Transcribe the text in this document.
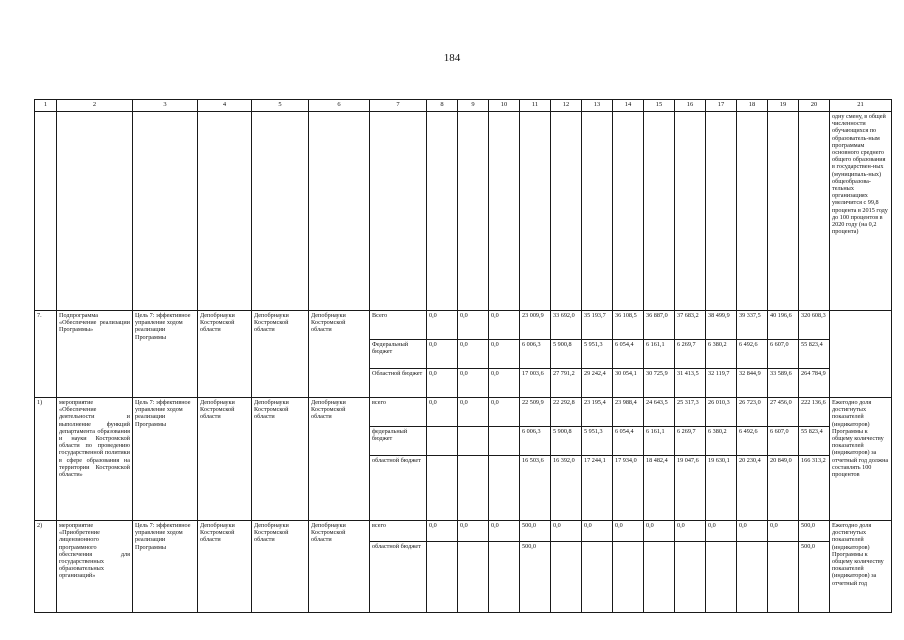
184
1	2	3	4	5	6	7	8	9	10	11	12	13	14	15	16	17	18	19	20	21
																				одну смену, в общей численности обучающихся по образователь-ным программам основного среднего общего образования в государствен-ных (муниципаль-ных) общеобразова-тельных организациях увеличится с 99,8 процента в 2015 году до 100 процентов в 2020 году (на 0,2 процента)
7.	Подпрограмма «Обеспечение реализации Программы»	Цель 7: эффективное управление ходом реализации Программы	Депобрнауки Костромской области	Депобрнауки Костромской области	Депобрнауки Костромской области	Всего	0,0	0,0	0,0	23 009,9	33 692,0	35 193,7	36 108,5	36 887,0	37 683,2	38 499,9	39 337,5	40 196,6	320 608,3	
						Федеральный бюджет	0,0	0,0	0,0	6 006,3	5 900,8	5 951,3	6 054,4	6 161,1	6 269,7	6 380,2	6 492,6	6 607,0	55 823,4	
						Областной бюджет	0,0	0,0	0,0	17 003,6	27 791,2	29 242,4	30 054,1	30 725,9	31 413,5	32 119,7	32 844,9	33 589,6	264 784,9	
1)	мероприятие «Обеспечение деятельности и выполнение функций департамента образования и науки Костромской области по проведению государственной политики в сфере образования на территории Костромской области»	Цель 7: эффективное управление ходом реализации Программы	Депобрнауки Костромской области	Депобрнауки Костромской области	Депобрнауки Костромской области	всего	0,0	0,0	0,0	22 509,9	22 292,8	23 195,4	23 988,4	24 643,5	25 317,3	26 010,3	26 723,0	27 456,0	222 136,6	Ежегодно доля достигнутых показателей (индикаторов) Программы к общему количеству показателей (индикаторов) за отчетный год должна составлять 100 процентов
						федеральный бюджет				6 006,3	5 900,8	5 951,3	6 054,4	6 161,1	6 269,7	6 380,2	6 492,6	6 607,0	55 823,4	
						областной бюджет				16 503,6	16 392,0	17 244,1	17 934,0	18 482,4	19 047,6	19 630,1	20 230,4	20 849,0	166 313,2	
2)	мероприятие «Приобретение лицензионного программного обеспечения для государственных образовательных организаций»	Цель 7: эффективное управление ходом реализации Программы	Депобрнауки Костромской области	Депобрнауки Костромской области	Депобрнауки Костромской области	всего	0,0	0,0	0,0	500,0	0,0	0,0	0,0	0,0	0,0	0,0	0,0	0,0	500,0	Ежегодно доля достигнутых показателей (индикаторов) Программы к общему количеству показателей (индикаторов) за отчетный год
						областной бюджет				500,0									500,0	
